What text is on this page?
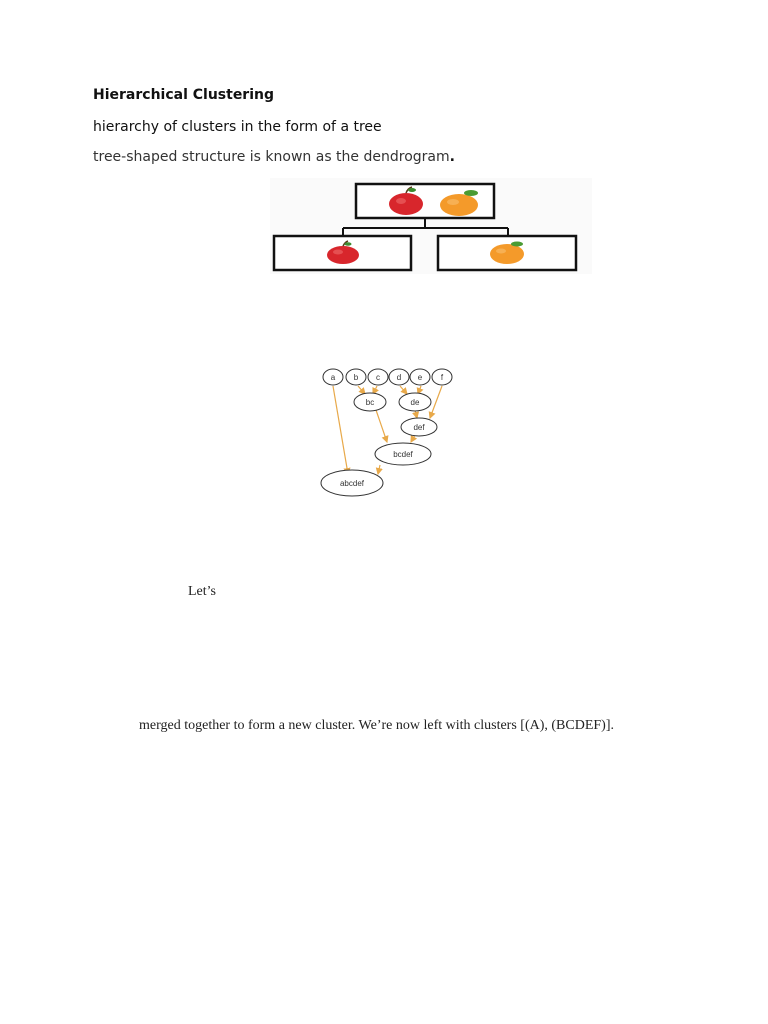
Hierarchical Clustering
hierarchy of clusters in the form of a tree
tree-shaped structure is known as the dendrogram.
a b c d e f
bc	de
def
bcdef
abcdef
Let’s
merged together to form a new cluster. We’re now left with clusters [(A), (BCDEF)].
